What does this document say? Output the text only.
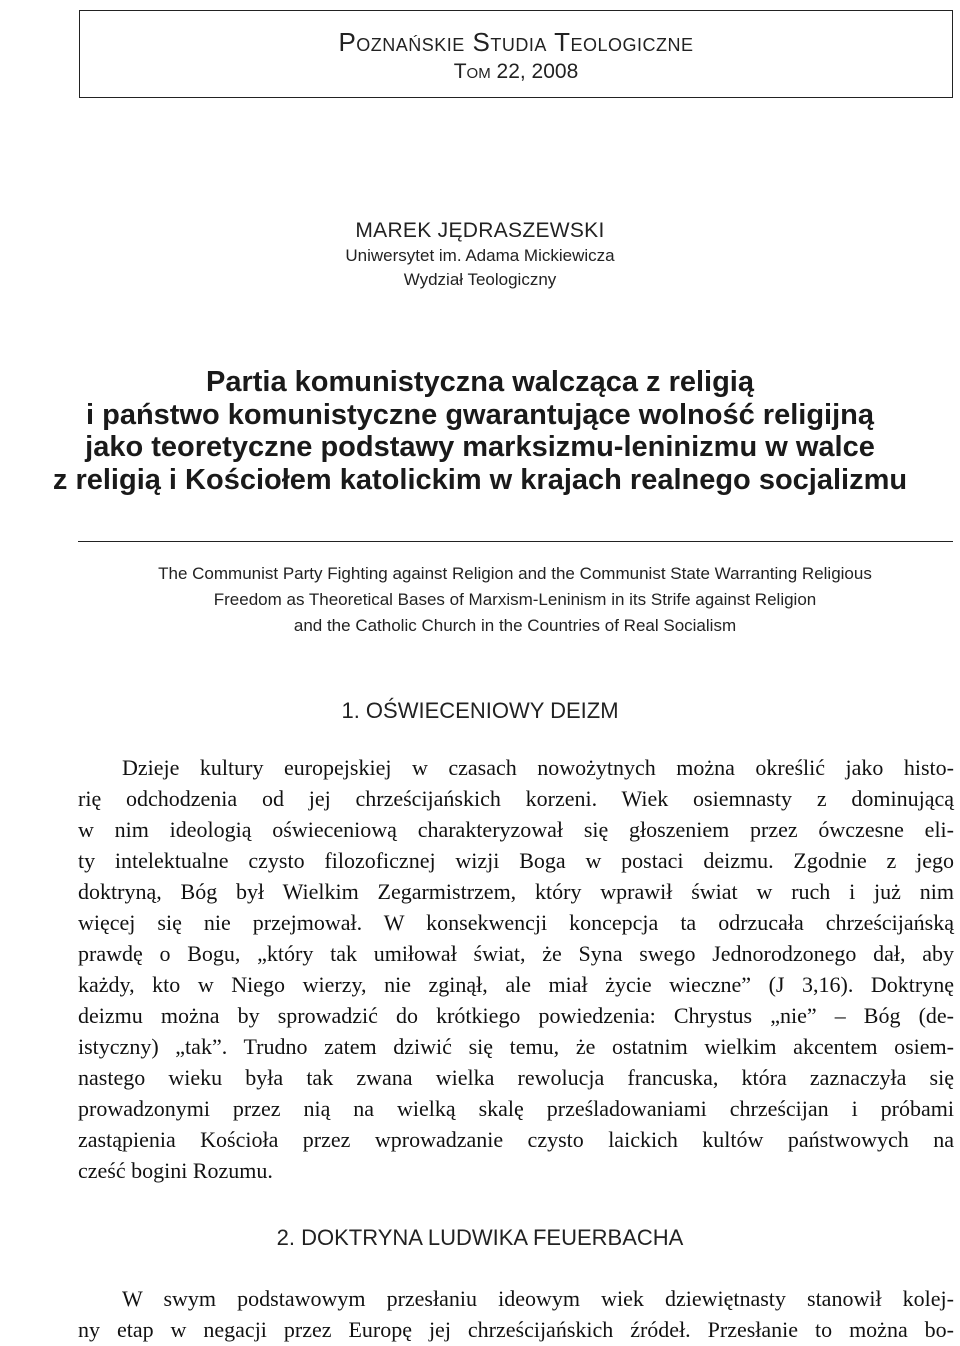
Poznańskie Studia Teologiczne
Tom 22, 2008
MAREK JĘDRASZEWSKI
Uniwersytet im. Adama Mickiewicza
Wydział Teologiczny
Partia komunistyczna walcząca z religią
i państwo komunistyczne gwarantujące wolność religijną
jako teoretyczne podstawy marksizmu-leninizmu w walce
z religią i Kościołem katolickim w krajach realnego socjalizmu
The Communist Party Fighting against Religion and the Communist State Warranting Religious
Freedom as Theoretical Bases of Marxism-Leninism in its Strife against Religion
and the Catholic Church in the Countries of Real Socialism
1. OŚWIECENIOWY DEIZM
Dzieje kultury europejskiej w czasach nowożytnych można określić jako histo-
rię odchodzenia od jej chrześcijańskich korzeni. Wiek osiemnasty z dominującą
w nim ideologią oświeceniową charakteryzował się głoszeniem przez ówczesne eli-
ty intelektualne czysto filozoficznej wizji Boga w postaci deizmu. Zgodnie z jego
doktryną, Bóg był Wielkim Zegarmistrzem, który wprawił świat w ruch i już nim
więcej się nie przejmował. W konsekwencji koncepcja ta odrzucała chrześcijańską
prawdę o Bogu, „który tak umiłował świat, że Syna swego Jednorodzonego dał, aby
każdy, kto w Niego wierzy, nie zginął, ale miał życie wieczne” (J 3,16). Doktrynę
deizmu można by sprowadzić do krótkiego powiedzenia: Chrystus „nie” – Bóg (de-
istyczny) „tak”. Trudno zatem dziwić się temu, że ostatnim wielkim akcentem osiem-
nastego wieku była tak zwana wielka rewolucja francuska, która zaznaczyła się
prowadzonymi przez nią na wielką skalę prześladowaniami chrześcijan i próbami
zastąpienia Kościoła przez wprowadzanie czysto laickich kultów państwowych na
cześć bogini Rozumu.
2. DOKTRYNA LUDWIKA FEUERBACHA
W swym podstawowym przesłaniu ideowym wiek dziewiętnasty stanowił kolej-
ny etap w negacji przez Europę jej chrześcijańskich źródeł. Przesłanie to można bo-
